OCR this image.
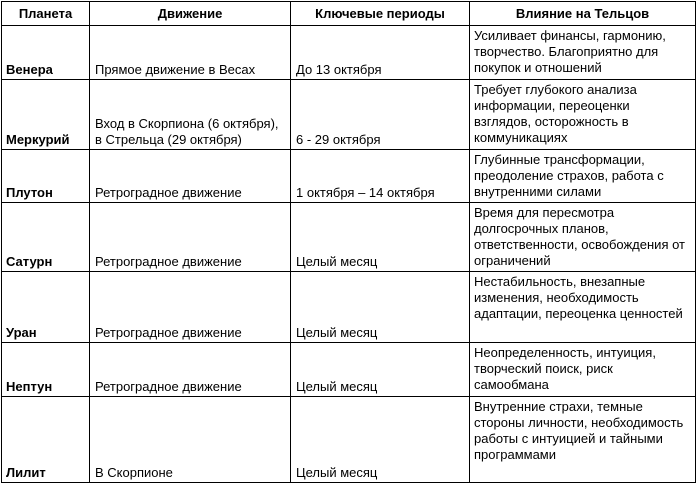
Планета	Движение	Ключевые периоды	Влияние на Тельцов
Венера	Прямое движение в Весах	До 13 октября	Усиливает финансы, гармонию, творчество. Благоприятно для покупок и отношений
Меркурий	Вход в Скорпиона (6 октября), в Стрельца (29 октября)	6 - 29 октября	Требует глубокого анализа информации, переоценки взглядов, осторожность в коммуникациях
Плутон	Ретроградное движение	1 октября – 14 октября	Глубинные трансформации, преодоление страхов, работа с внутренними силами
Сатурн	Ретроградное движение	Целый месяц	Время для пересмотра долгосрочных планов, ответственности, освобождения от ограничений
Уран	Ретроградное движение	Целый месяц	Нестабильность, внезапные изменения, необходимость адаптации, переоценка ценностей
Нептун	Ретроградное движение	Целый месяц	Неопределенность, интуиция, творческий поиск, риск самообмана
Лилит	В Скорпионе	Целый месяц	Внутренние страхи, темные стороны личности, необходимость работы с интуицией и тайными программами
